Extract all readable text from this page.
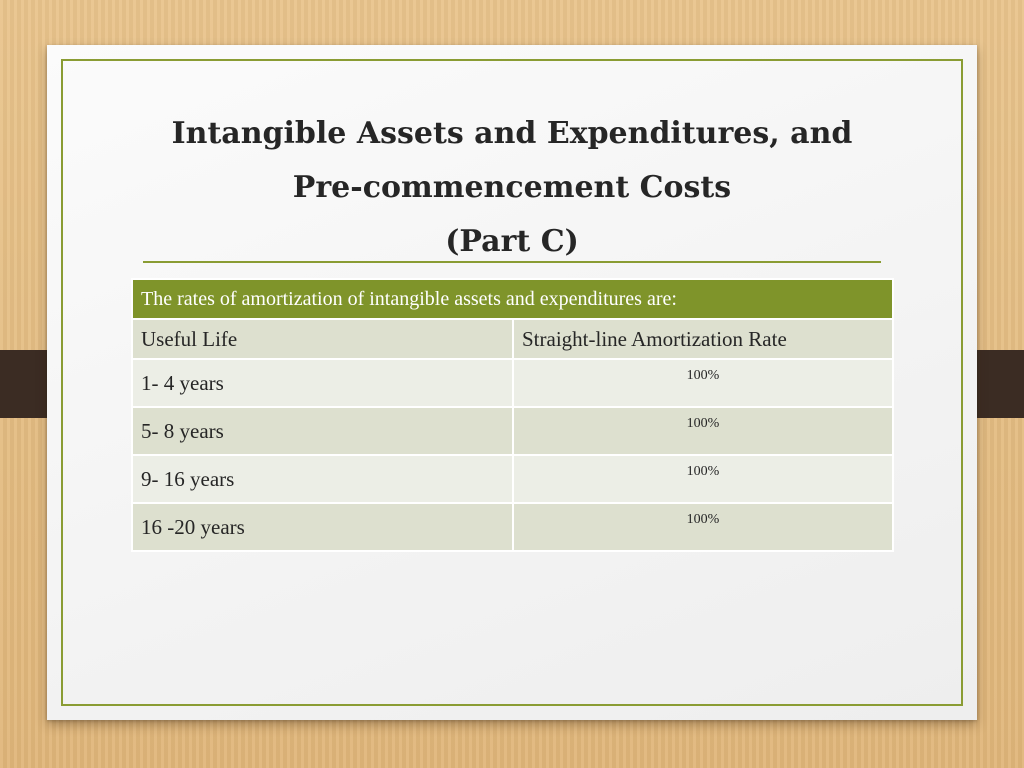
Intangible Assets and Expenditures, and
Pre-commencement Costs
(Part C)
The rates of amortization of intangible assets and expenditures are:	
Useful Life	Straight-line Amortization Rate
1- 4 years	100%
5- 8 years	100%
9- 16 years	100%
16 -20 years	100%
